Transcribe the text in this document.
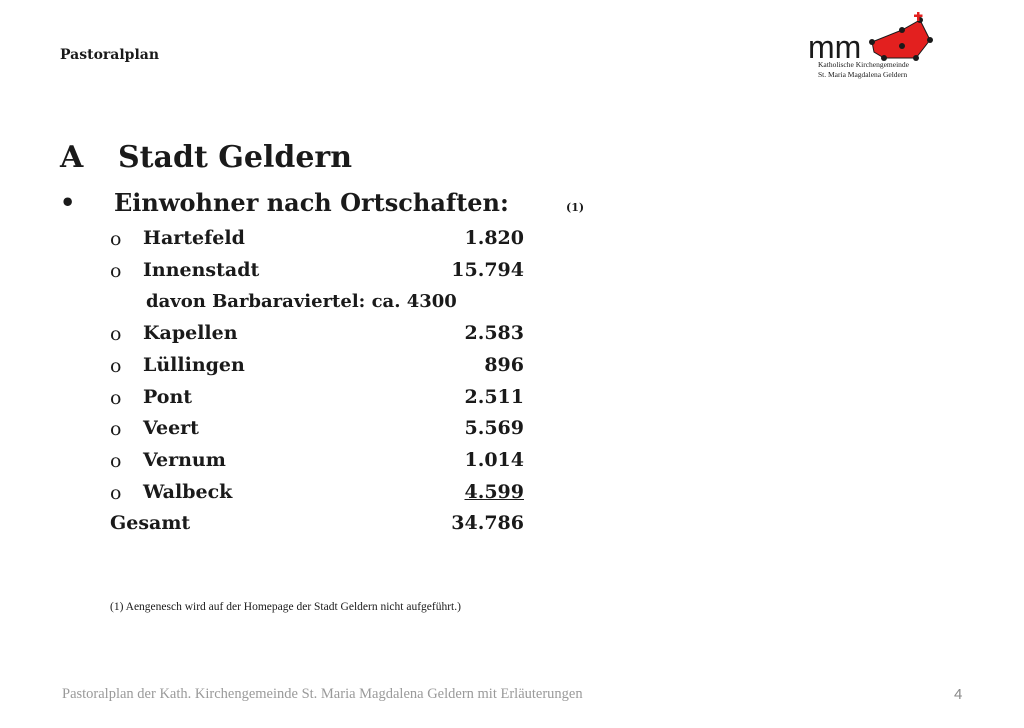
Pastoralplan	mm
Katholische Kirchengemeinde
St. Maria Magdalena Geldern
A Stadt Geldern
• Einwohner nach Ortschaften:	(1)
o Hartefeld	1.820
o Innenstadt	15.794
davon Barbaraviertel: ca. 4300
o Kapellen	2.583
o Lüllingen	896
o Pont	2.511
o Veert	5.569
o Vernum	1.014
o Walbeck	4.599
Gesamt	34.786
(1) Aengenesch wird auf der Homepage der Stadt Geldern nicht aufgeführt.)
Pastoralplan der Kath. Kirchengemeinde St. Maria Magdalena Geldern mit Erläuterungen	4
